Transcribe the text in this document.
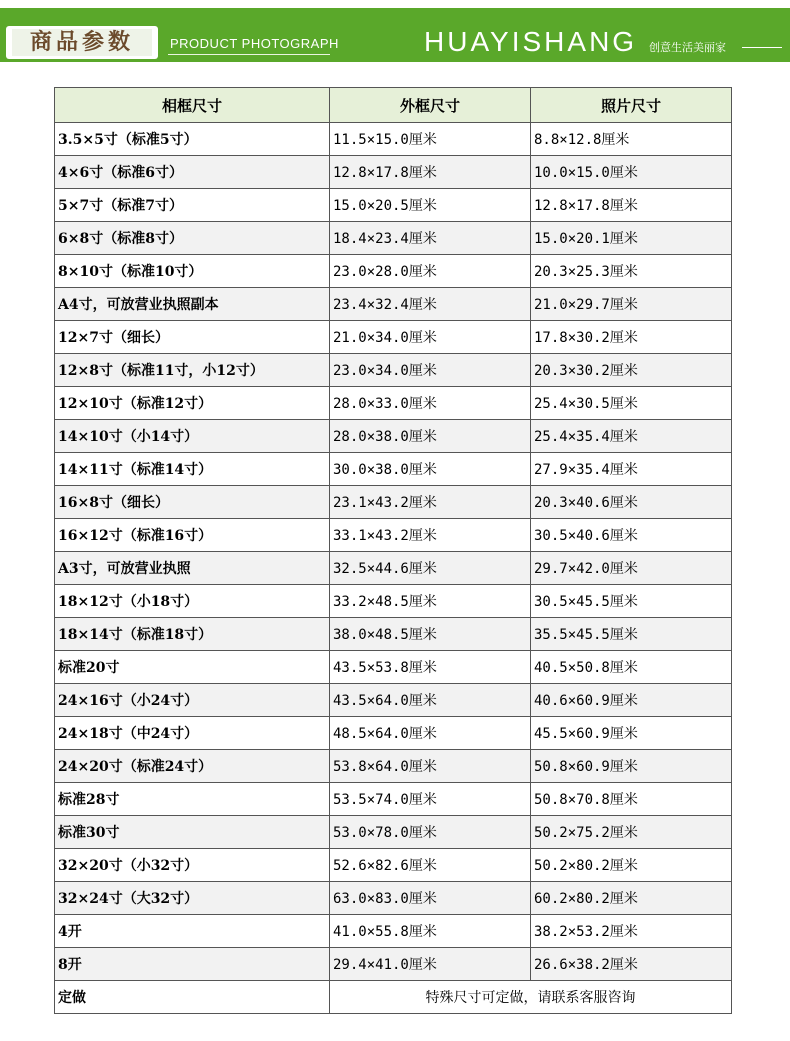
商品参数	PRODUCT PHOTOGRAPH	HUAYISHANG 创意生活美丽家
相框尺寸	外框尺寸	照片尺寸
3.5×5寸（标准5寸）	11.5×15.0厘米	8.8×12.8厘米
4×6寸（标准6寸）	12.8×17.8厘米	10.0×15.0厘米
5×7寸（标准7寸）	15.0×20.5厘米	12.8×17.8厘米
6×8寸（标准8寸）	18.4×23.4厘米	15.0×20.1厘米
8×10寸（标准10寸）	23.0×28.0厘米	20.3×25.3厘米
A4寸，可放营业执照副本	23.4×32.4厘米	21.0×29.7厘米
12×7寸（细长）	21.0×34.0厘米	17.8×30.2厘米
12×8寸（标准11寸，小12寸）	23.0×34.0厘米	20.3×30.2厘米
12×10寸（标准12寸）	28.0×33.0厘米	25.4×30.5厘米
14×10寸（小14寸）	28.0×38.0厘米	25.4×35.4厘米
14×11寸（标准14寸）	30.0×38.0厘米	27.9×35.4厘米
16×8寸（细长）	23.1×43.2厘米	20.3×40.6厘米
16×12寸（标准16寸）	33.1×43.2厘米	30.5×40.6厘米
A3寸，可放营业执照	32.5×44.6厘米	29.7×42.0厘米
18×12寸（小18寸）	33.2×48.5厘米	30.5×45.5厘米
18×14寸（标准18寸）	38.0×48.5厘米	35.5×45.5厘米
标准20寸	43.5×53.8厘米	40.5×50.8厘米
24×16寸（小24寸）	43.5×64.0厘米	40.6×60.9厘米
24×18寸（中24寸）	48.5×64.0厘米	45.5×60.9厘米
24×20寸（标准24寸）	53.8×64.0厘米	50.8×60.9厘米
标准28寸	53.5×74.0厘米	50.8×70.8厘米
标准30寸	53.0×78.0厘米	50.2×75.2厘米
32×20寸（小32寸）	52.6×82.6厘米	50.2×80.2厘米
32×24寸（大32寸）	63.0×83.0厘米	60.2×80.2厘米
4开	41.0×55.8厘米	38.2×53.2厘米
8开	29.4×41.0厘米	26.6×38.2厘米
定做	特殊尺寸可定做，请联系客服咨询	
